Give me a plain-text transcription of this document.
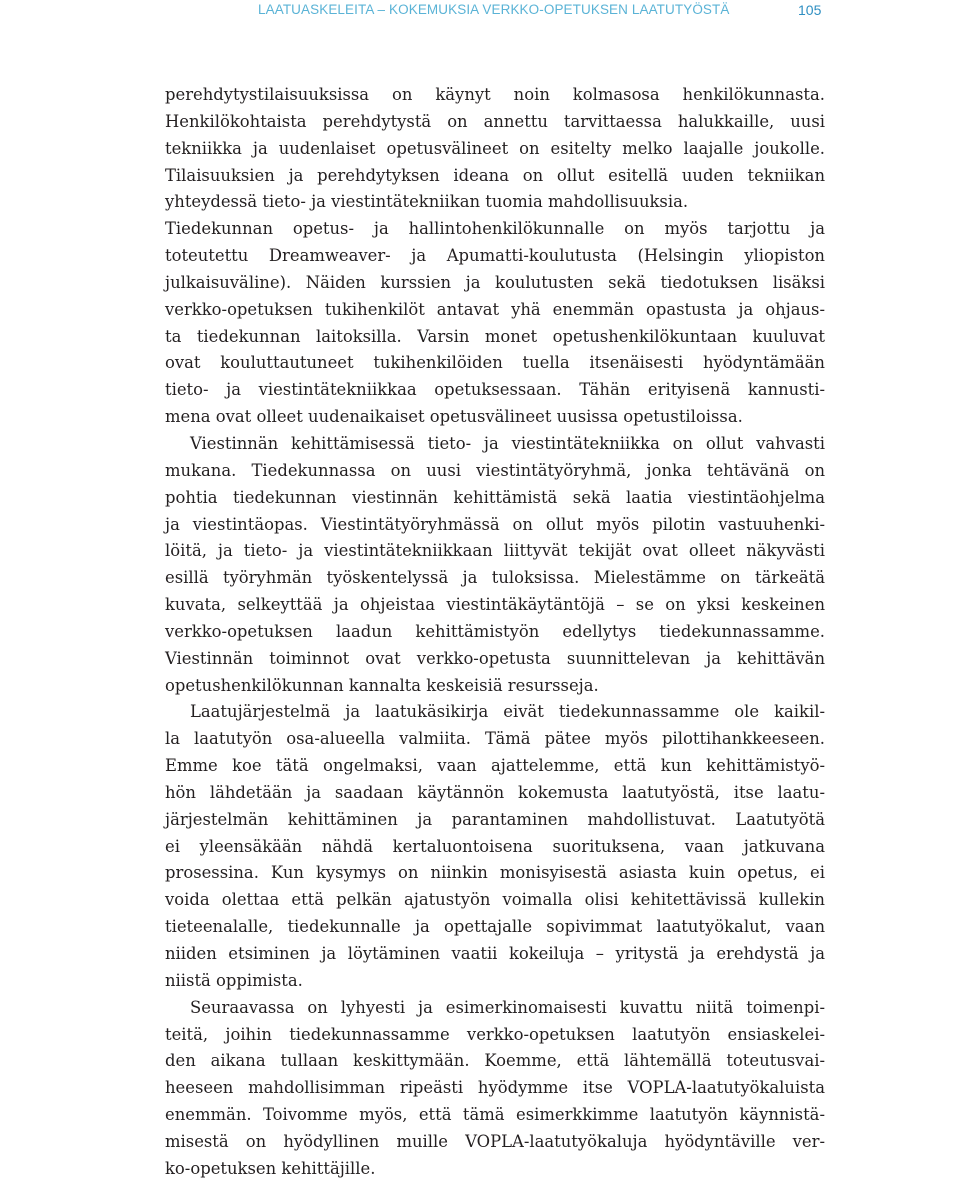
LAATUASKELEITA – KOKEMUKSIA VERKKO-OPETUKSEN LAATUTYÖSTÄ	105
perehdytystilaisuuksissa on käynyt noin kolmasosa henkilökunnasta.
Henkilökohtaista perehdytystä on annettu tarvittaessa halukkaille, uusi
tekniikka ja uudenlaiset opetusvälineet on esitelty melko laajalle joukolle.
Tilaisuuksien ja perehdytyksen ideana on ollut esitellä uuden tekniikan
yhteydessä tieto- ja viestintätekniikan tuomia mahdollisuuksia.
Tiedekunnan opetus- ja hallintohenkilökunnalle on myös tarjottu ja
toteutettu Dreamweaver- ja Apumatti-koulutusta (Helsingin yliopiston
julkaisuväline). Näiden kurssien ja koulutusten sekä tiedotuksen lisäksi
verkko-opetuksen tukihenkilöt antavat yhä enemmän opastusta ja ohjaus-
ta tiedekunnan laitoksilla. Varsin monet opetushenkilökuntaan kuuluvat
ovat kouluttautuneet tukihenkilöiden tuella itsenäisesti hyödyntämään
tieto- ja viestintätekniikkaa opetuksessaan. Tähän erityisenä kannusti-
mena ovat olleet uudenaikaiset opetusvälineet uusissa opetustiloissa.
Viestinnän kehittämisessä tieto- ja viestintätekniikka on ollut vahvasti
mukana. Tiedekunnassa on uusi viestintätyöryhmä, jonka tehtävänä on
pohtia tiedekunnan viestinnän kehittämistä sekä laatia viestintäohjelma
ja viestintäopas. Viestintätyöryhmässä on ollut myös pilotin vastuuhenki-
löitä, ja tieto- ja viestintätekniikkaan liittyvät tekijät ovat olleet näkyvästi
esillä työryhmän työskentelyssä ja tuloksissa. Mielestämme on tärkeätä
kuvata, selkeyttää ja ohjeistaa viestintäkäytäntöjä – se on yksi keskeinen
verkko-opetuksen laadun kehittämistyön edellytys tiedekunnassamme.
Viestinnän toiminnot ovat verkko-opetusta suunnittelevan ja kehittävän
opetushenkilökunnan kannalta keskeisiä resursseja.
Laatujärjestelmä ja laatukäsikirja eivät tiedekunnassamme ole kaikil-
la laatutyön osa-alueella valmiita. Tämä pätee myös pilottihankkeeseen.
Emme koe tätä ongelmaksi, vaan ajattelemme, että kun kehittämistyö-
hön lähdetään ja saadaan käytännön kokemusta laatutyöstä, itse laatu-
järjestelmän kehittäminen ja parantaminen mahdollistuvat. Laatutyötä
ei yleensäkään nähdä kertaluontoisena suorituksena, vaan jatkuvana
prosessina. Kun kysymys on niinkin monisyisestä asiasta kuin opetus, ei
voida olettaa että pelkän ajatustyön voimalla olisi kehitettävissä kullekin
tieteenalalle, tiedekunnalle ja opettajalle sopivimmat laatutyökalut, vaan
niiden etsiminen ja löytäminen vaatii kokeiluja – yritystä ja erehdystä ja
niistä oppimista.
Seuraavassa on lyhyesti ja esimerkinomaisesti kuvattu niitä toimenpi-
teitä, joihin tiedekunnassamme verkko-opetuksen laatutyön ensiaskelei-
den aikana tullaan keskittymään. Koemme, että lähtemällä toteutusvai-
heeseen mahdollisimman ripeästi hyödymme itse VOPLA-laatutyökaluista
enemmän. Toivomme myös, että tämä esimerkkimme laatutyön käynnistä-
misestä on hyödyllinen muille VOPLA-laatutyökaluja hyödyntäville ver-
ko-opetuksen kehittäjille.
